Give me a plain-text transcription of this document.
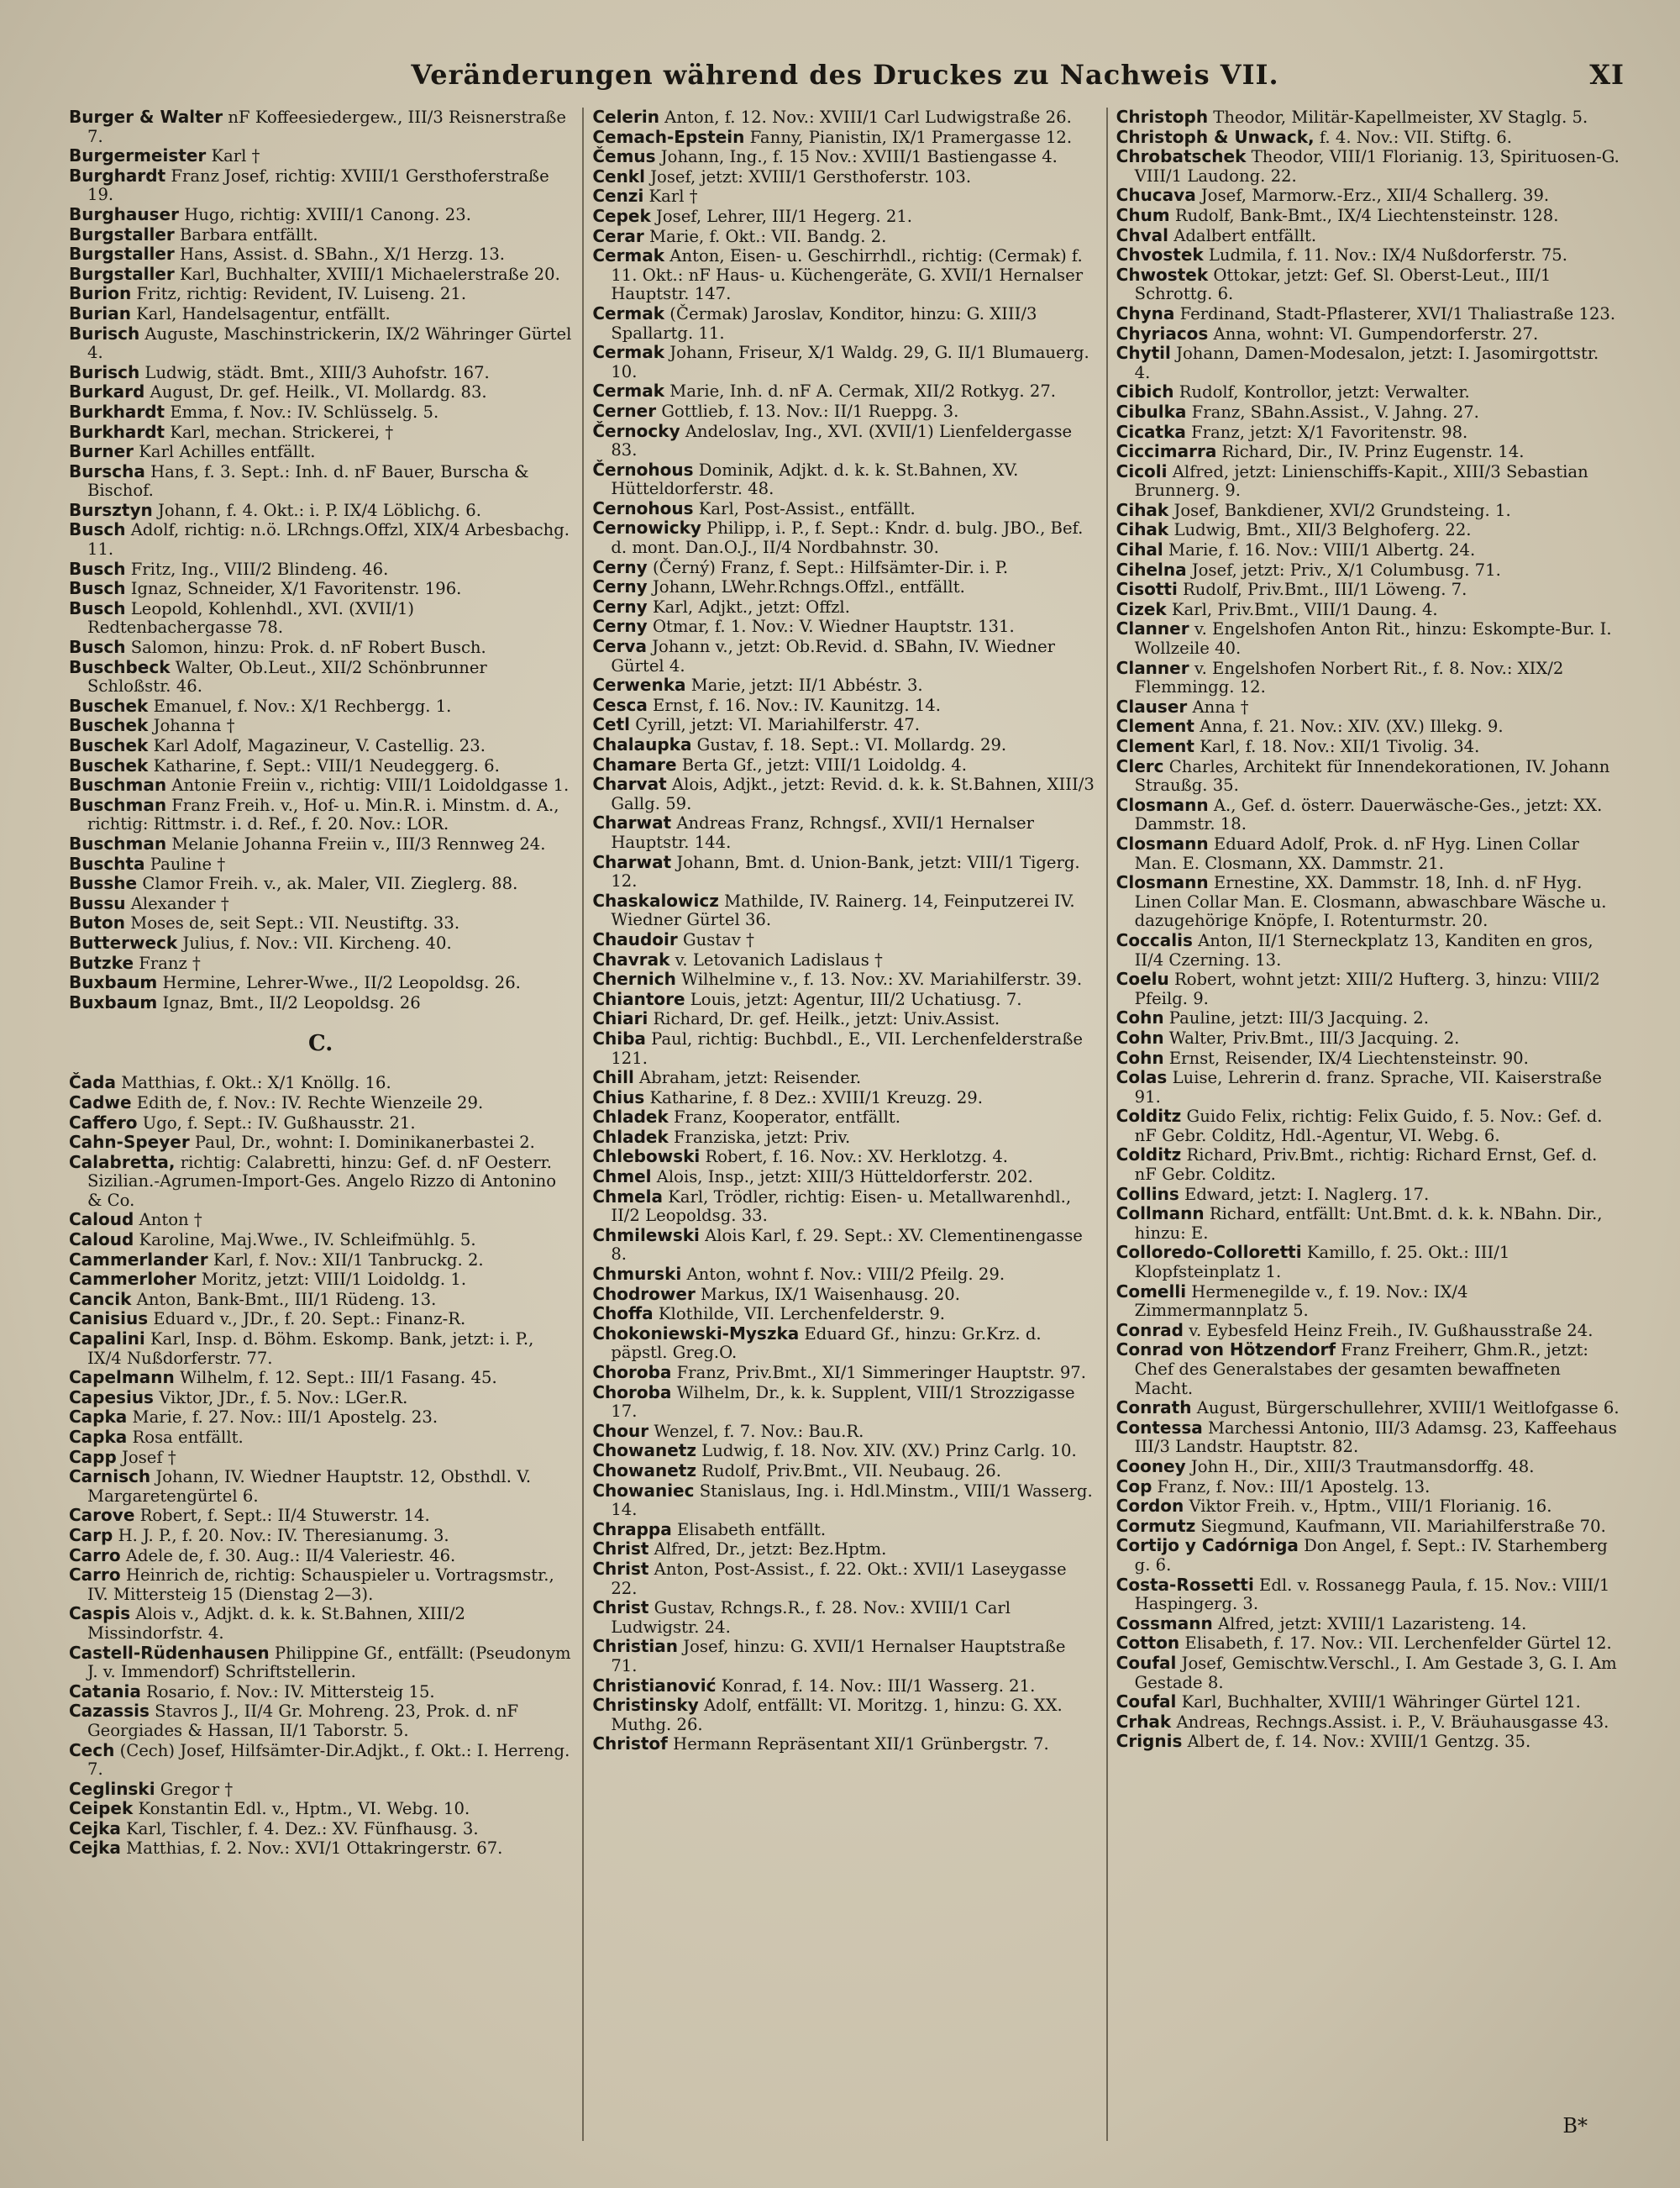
Veränderungen während des Druckes zu Nachweis VII.	XI

Burger & Walter nF Koffeesiedergew., III/3 Reisnerstraße 7.

Burgermeister Karl †

Burghardt Franz Josef, richtig: XVIII/1 Gersthoferstraße 19.

Burghauser Hugo, richtig: XVIII/1 Canong. 23.

Burgstaller Barbara entfällt.

Burgstaller Hans, Assist. d. SBahn., X/1 Herzg. 13.

Burgstaller Karl, Buchhalter, XVIII/1 Michaelerstraße 20.

Burion Fritz, richtig: Revident, IV. Luiseng. 21.

Burian Karl, Handelsagentur, entfällt.

Burisch Auguste, Maschinstrickerin, IX/2 Währinger Gürtel 4.

Burisch Ludwig, städt. Bmt., XIII/3 Auhofstr. 167.

Burkard August, Dr. gef. Heilk., VI. Mollardg. 83.

Burkhardt Emma, f. Nov.: IV. Schlüsselg. 5.

Burkhardt Karl, mechan. Strickerei, †

Burner Karl Achilles entfällt.

Burscha Hans, f. 3. Sept.: Inh. d. nF Bauer, Burscha & Bischof.

Bursztyn Johann, f. 4. Okt.: i. P. IX/4 Löblichg. 6.

Busch Adolf, richtig: n.ö. LRchngs.Offzl, XIX/4 Arbesbachg. 11.

Busch Fritz, Ing., VIII/2 Blindeng. 46.

Busch Ignaz, Schneider, X/1 Favoritenstr. 196.

Busch Leopold, Kohlenhdl., XVI. (XVII/1) Redtenbachergasse 78.

Busch Salomon, hinzu: Prok. d. nF Robert Busch.

Buschbeck Walter, Ob.Leut., XII/2 Schönbrunner Schloßstr. 46.

Buschek Emanuel, f. Nov.: X/1 Rechbergg. 1.

Buschek Johanna †

Buschek Karl Adolf, Magazineur, V. Castellig. 23.

Buschek Katharine, f. Sept.: VIII/1 Neudeggerg. 6.

Buschman Antonie Freiin v., richtig: VIII/1 Loidoldgasse 1.

Buschman Franz Freih. v., Hof- u. Min.R. i. Minstm. d. A., richtig: Rittmstr. i. d. Ref., f. 20. Nov.: LOR.

Buschman Melanie Johanna Freiin v., III/3 Rennweg 24.

Buschta Pauline †

Busshe Clamor Freih. v., ak. Maler, VII. Zieglerg. 88.

Bussu Alexander †

Buton Moses de, seit Sept.: VII. Neustiftg. 33.

Butterweck Julius, f. Nov.: VII. Kircheng. 40.

Butzke Franz †

Buxbaum Hermine, Lehrer-Wwe., II/2 Leopoldsg. 26.

Buxbaum Ignaz, Bmt., II/2 Leopoldsg. 26

C.

Čada Matthias, f. Okt.: X/1 Knöllg. 16.

Cadwe Edith de, f. Nov.: IV. Rechte Wienzeile 29.

Caffero Ugo, f. Sept.: IV. Gußhausstr. 21.

Cahn-Speyer Paul, Dr., wohnt: I. Dominikanerbastei 2.

Calabretta, richtig: Calabretti, hinzu: Gef. d. nF Oesterr. Sizilian.-Agrumen-Import-Ges. Angelo Rizzo di Antonino & Co.

Caloud Anton †

Caloud Karoline, Maj.Wwe., IV. Schleifmühlg. 5.

Cammerlander Karl, f. Nov.: XII/1 Tanbruckg. 2.

Cammerloher Moritz, jetzt: VIII/1 Loidoldg. 1.

Cancik Anton, Bank-Bmt., III/1 Rüdeng. 13.

Canisius Eduard v., JDr., f. 20. Sept.: Finanz-R.

Capalini Karl, Insp. d. Böhm. Eskomp. Bank, jetzt: i. P., IX/4 Nußdorferstr. 77.

Capelmann Wilhelm, f. 12. Sept.: III/1 Fasang. 45.

Capesius Viktor, JDr., f. 5. Nov.: LGer.R.

Capka Marie, f. 27. Nov.: III/1 Apostelg. 23.

Capka Rosa entfällt.

Capp Josef †

Carnisch Johann, IV. Wiedner Hauptstr. 12, Obsthdl. V. Margaretengürtel 6.

Carove Robert, f. Sept.: II/4 Stuwerstr. 14.

Carp H. J. P., f. 20. Nov.: IV. Theresianumg. 3.

Carro Adele de, f. 30. Aug.: II/4 Valeriestr. 46.

Carro Heinrich de, richtig: Schauspieler u. Vortragsmstr., IV. Mittersteig 15 (Dienstag 2—3).

Caspis Alois v., Adjkt. d. k. k. St.Bahnen, XIII/2 Missindorfstr. 4.

Castell-Rüdenhausen Philippine Gf., entfällt: (Pseudonym J. v. Immendorf) Schriftstellerin.

Catania Rosario, f. Nov.: IV. Mittersteig 15.

Cazassis Stavros J., II/4 Gr. Mohreng. 23, Prok. d. nF Georgiades & Hassan, II/1 Taborstr. 5.

Cech (Cech) Josef, Hilfsämter-Dir.Adjkt., f. Okt.: I. Herreng. 7.

Ceglinski Gregor †

Ceipek Konstantin Edl. v., Hptm., VI. Webg. 10.

Cejka Karl, Tischler, f. 4. Dez.: XV. Fünfhausg. 3.

Cejka Matthias, f. 2. Nov.: XVI/1 Ottakringerstr. 67.

Celerin Anton, f. 12. Nov.: XVIII/1 Carl Ludwigstraße 26.

Cemach-Epstein Fanny, Pianistin, IX/1 Pramergasse 12.

Čemus Johann, Ing., f. 15 Nov.: XVIII/1 Bastiengasse 4.

Cenkl Josef, jetzt: XVIII/1 Gersthoferstr. 103.

Cenzi Karl †

Cepek Josef, Lehrer, III/1 Hegerg. 21.

Cerar Marie, f. Okt.: VII. Bandg. 2.

Cermak Anton, Eisen- u. Geschirrhdl., richtig: (Cermak) f. 11. Okt.: nF Haus- u. Küchengeräte, G. XVII/1 Hernalser Hauptstr. 147.

Cermak (Čermak) Jaroslav, Konditor, hinzu: G. XIII/3 Spallartg. 11.

Cermak Johann, Friseur, X/1 Waldg. 29, G. II/1 Blumauerg. 10.

Cermak Marie, Inh. d. nF A. Cermak, XII/2 Rotkyg. 27.

Cerner Gottlieb, f. 13. Nov.: II/1 Rueppg. 3.

Černocky Andeloslav, Ing., XVI. (XVII/1) Lienfeldergasse 83.

Černohous Dominik, Adjkt. d. k. k. St.Bahnen, XV. Hütteldorferstr. 48.

Cernohous Karl, Post-Assist., entfällt.

Cernowicky Philipp, i. P., f. Sept.: Kndr. d. bulg. JBO., Bef. d. mont. Dan.O.J., II/4 Nordbahnstr. 30.

Cerny (Černý) Franz, f. Sept.: Hilfsämter-Dir. i. P.

Cerny Johann, LWehr.Rchngs.Offzl., entfällt.

Cerny Karl, Adjkt., jetzt: Offzl.

Cerny Otmar, f. 1. Nov.: V. Wiedner Hauptstr. 131.

Cerva Johann v., jetzt: Ob.Revid. d. SBahn, IV. Wiedner Gürtel 4.

Cerwenka Marie, jetzt: II/1 Abbéstr. 3.

Cesca Ernst, f. 16. Nov.: IV. Kaunitzg. 14.

Cetl Cyrill, jetzt: VI. Mariahilferstr. 47.

Chalaupka Gustav, f. 18. Sept.: VI. Mollardg. 29.

Chamare Berta Gf., jetzt: VIII/1 Loidoldg. 4.

Charvat Alois, Adjkt., jetzt: Revid. d. k. k. St.Bahnen, XIII/3 Gallg. 59.

Charwat Andreas Franz, Rchngsf., XVII/1 Hernalser Hauptstr. 144.

Charwat Johann, Bmt. d. Union-Bank, jetzt: VIII/1 Tigerg. 12.

Chaskalowicz Mathilde, IV. Rainerg. 14, Feinputzerei IV. Wiedner Gürtel 36.

Chaudoir Gustav †

Chavrak v. Letovanich Ladislaus †

Chernich Wilhelmine v., f. 13. Nov.: XV. Mariahilferstr. 39.

Chiantore Louis, jetzt: Agentur, III/2 Uchatiusg. 7.

Chiari Richard, Dr. gef. Heilk., jetzt: Univ.Assist.

Chiba Paul, richtig: Buchbdl., E., VII. Lerchenfelderstraße 121.

Chill Abraham, jetzt: Reisender.

Chius Katharine, f. 8 Dez.: XVIII/1 Kreuzg. 29.

Chladek Franz, Kooperator, entfällt.

Chladek Franziska, jetzt: Priv.

Chlebowski Robert, f. 16. Nov.: XV. Herklotzg. 4.

Chmel Alois, Insp., jetzt: XIII/3 Hütteldorferstr. 202.

Chmela Karl, Trödler, richtig: Eisen- u. Metallwarenhdl., II/2 Leopoldsg. 33.

Chmilewski Alois Karl, f. 29. Sept.: XV. Clementinengasse 8.

Chmurski Anton, wohnt f. Nov.: VIII/2 Pfeilg. 29.

Chodrower Markus, IX/1 Waisenhausg. 20.

Choffa Klothilde, VII. Lerchenfelderstr. 9.

Chokoniewski-Myszka Eduard Gf., hinzu: Gr.Krz. d. päpstl. Greg.O.

Choroba Franz, Priv.Bmt., XI/1 Simmeringer Hauptstr. 97.

Choroba Wilhelm, Dr., k. k. Supplent, VIII/1 Strozzigasse 17.

Chour Wenzel, f. 7. Nov.: Bau.R.

Chowanetz Ludwig, f. 18. Nov. XIV. (XV.) Prinz Carlg. 10.

Chowanetz Rudolf, Priv.Bmt., VII. Neubaug. 26.

Chowaniec Stanislaus, Ing. i. Hdl.Minstm., VIII/1 Wasserg. 14.

Chrappa Elisabeth entfällt.

Christ Alfred, Dr., jetzt: Bez.Hptm.

Christ Anton, Post-Assist., f. 22. Okt.: XVII/1 Laseygasse 22.

Christ Gustav, Rchngs.R., f. 28. Nov.: XVIII/1 Carl Ludwigstr. 24.

Christian Josef, hinzu: G. XVII/1 Hernalser Hauptstraße 71.

Christianović Konrad, f. 14. Nov.: III/1 Wasserg. 21.

Christinsky Adolf, entfällt: VI. Moritzg. 1, hinzu: G. XX. Muthg. 26.

Christof Hermann Repräsentant XII/1 Grünbergstr. 7.

Christoph Theodor, Militär-Kapellmeister, XV Staglg. 5.

Christoph & Unwack, f. 4. Nov.: VII. Stiftg. 6.

Chrobatschek Theodor, VIII/1 Florianig. 13, Spirituosen-G. VIII/1 Laudong. 22.

Chucava Josef, Marmorw.-Erz., XII/4 Schallerg. 39.

Chum Rudolf, Bank-Bmt., IX/4 Liechtensteinstr. 128.

Chval Adalbert entfällt.

Chvostek Ludmila, f. 11. Nov.: IX/4 Nußdorferstr. 75.

Chwostek Ottokar, jetzt: Gef. Sl. Oberst-Leut., III/1 Schrottg. 6.

Chyna Ferdinand, Stadt-Pflasterer, XVI/1 Thaliastraße 123.

Chyriacos Anna, wohnt: VI. Gumpendorferstr. 27.

Chytil Johann, Damen-Modesalon, jetzt: I. Jasomirgottstr. 4.

Cibich Rudolf, Kontrollor, jetzt: Verwalter.

Cibulka Franz, SBahn.Assist., V. Jahng. 27.

Cicatka Franz, jetzt: X/1 Favoritenstr. 98.

Ciccimarra Richard, Dir., IV. Prinz Eugenstr. 14.

Cicoli Alfred, jetzt: Linienschiffs-Kapit., XIII/3 Sebastian Brunnerg. 9.

Cihak Josef, Bankdiener, XVI/2 Grundsteing. 1.

Cihak Ludwig, Bmt., XII/3 Belghoferg. 22.

Cihal Marie, f. 16. Nov.: VIII/1 Albertg. 24.

Cihelna Josef, jetzt: Priv., X/1 Columbusg. 71.

Cisotti Rudolf, Priv.Bmt., III/1 Löweng. 7.

Cizek Karl, Priv.Bmt., VIII/1 Daung. 4.

Clanner v. Engelshofen Anton Rit., hinzu: Eskompte-Bur. I. Wollzeile 40.

Clanner v. Engelshofen Norbert Rit., f. 8. Nov.: XIX/2 Flemmingg. 12.

Clauser Anna †

Clement Anna, f. 21. Nov.: XIV. (XV.) Illekg. 9.

Clement Karl, f. 18. Nov.: XII/1 Tivolig. 34.

Clerc Charles, Architekt für Innendekorationen, IV. Johann Straußg. 35.

Closmann A., Gef. d. österr. Dauerwäsche-Ges., jetzt: XX. Dammstr. 18.

Closmann Eduard Adolf, Prok. d. nF Hyg. Linen Collar Man. E. Closmann, XX. Dammstr. 21.

Closmann Ernestine, XX. Dammstr. 18, Inh. d. nF Hyg. Linen Collar Man. E. Closmann, abwaschbare Wäsche u. dazugehörige Knöpfe, I. Rotenturmstr. 20.

Coccalis Anton, II/1 Sterneckplatz 13, Kanditen en gros, II/4 Czerning. 13.

Coelu Robert, wohnt jetzt: XIII/2 Hufterg. 3, hinzu: VIII/2 Pfeilg. 9.

Cohn Pauline, jetzt: III/3 Jacquing. 2.

Cohn Walter, Priv.Bmt., III/3 Jacquing. 2.

Cohn Ernst, Reisender, IX/4 Liechtensteinstr. 90.

Colas Luise, Lehrerin d. franz. Sprache, VII. Kaiserstraße 91.

Colditz Guido Felix, richtig: Felix Guido, f. 5. Nov.: Gef. d. nF Gebr. Colditz, Hdl.-Agentur, VI. Webg. 6.

Colditz Richard, Priv.Bmt., richtig: Richard Ernst, Gef. d. nF Gebr. Colditz.

Collins Edward, jetzt: I. Naglerg. 17.

Collmann Richard, entfällt: Unt.Bmt. d. k. k. NBahn. Dir., hinzu: E.

Colloredo-Colloretti Kamillo, f. 25. Okt.: III/1 Klopfsteinplatz 1.

Comelli Hermenegilde v., f. 19. Nov.: IX/4 Zimmermannplatz 5.

Conrad v. Eybesfeld Heinz Freih., IV. Gußhausstraße 24.

Conrad von Hötzendorf Franz Freiherr, Ghm.R., jetzt: Chef des Generalstabes der gesamten bewaffneten Macht.

Conrath August, Bürgerschullehrer, XVIII/1 Weitlofgasse 6.

Contessa Marchessi Antonio, III/3 Adamsg. 23, Kaffeehaus III/3 Landstr. Hauptstr. 82.

Cooney John H., Dir., XIII/3 Trautmansdorffg. 48.

Cop Franz, f. Nov.: III/1 Apostelg. 13.

Cordon Viktor Freih. v., Hptm., VIII/1 Florianig. 16.

Cormutz Siegmund, Kaufmann, VII. Mariahilferstraße 70.

Cortijo y Cadórniga Don Angel, f. Sept.: IV. Starhemberg g. 6.

Costa-Rossetti Edl. v. Rossanegg Paula, f. 15. Nov.: VIII/1 Haspingerg. 3.

Cossmann Alfred, jetzt: XVIII/1 Lazaristeng. 14.

Cotton Elisabeth, f. 17. Nov.: VII. Lerchenfelder Gürtel 12.

Coufal Josef, Gemischtw.Verschl., I. Am Gestade 3, G. I. Am Gestade 8.

Coufal Karl, Buchhalter, XVIII/1 Währinger Gürtel 121.

Crhak Andreas, Rechngs.Assist. i. P., V. Bräuhausgasse 43.

Crignis Albert de, f. 14. Nov.: XVIII/1 Gentzg. 35.

B*
